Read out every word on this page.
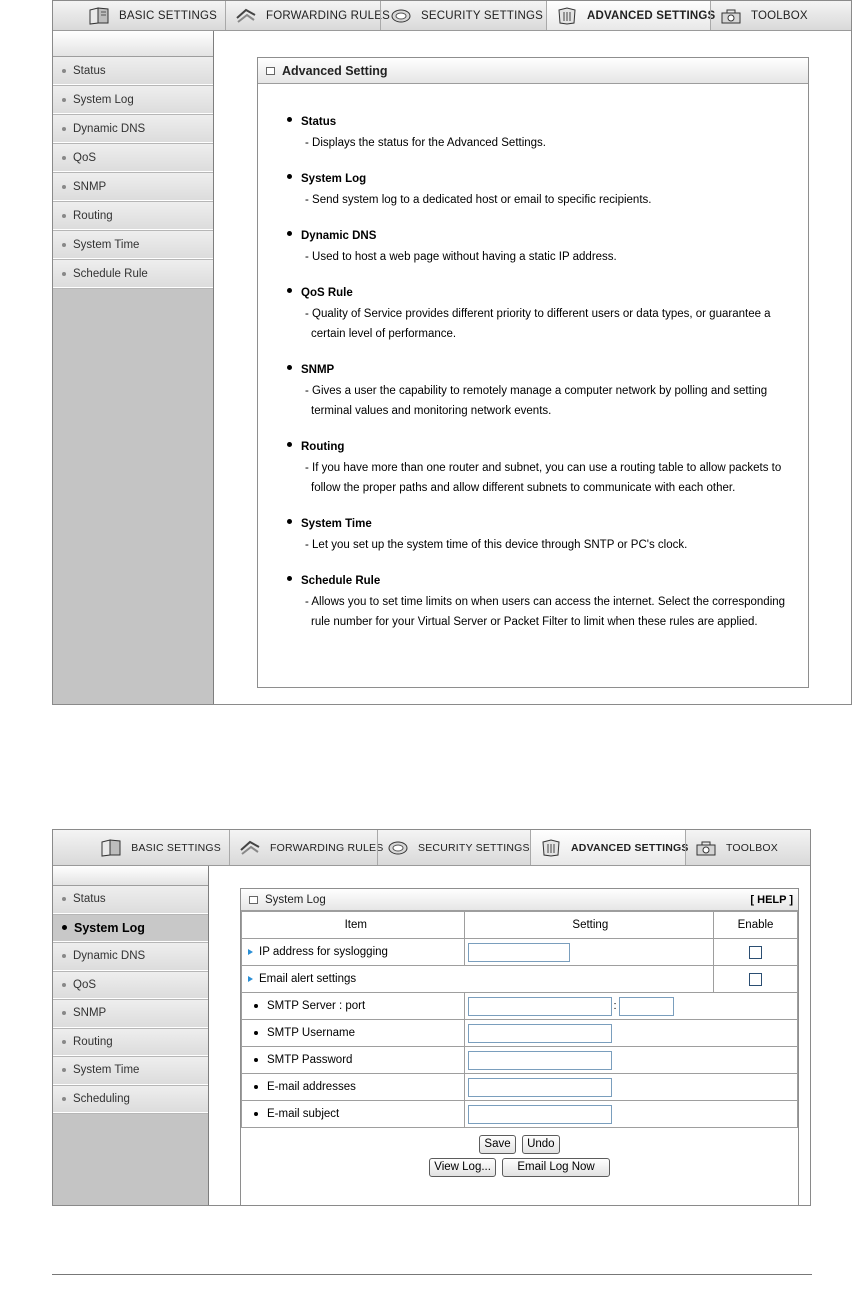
BASIC SETTINGS	FORWARDING RULES	SECURITY SETTINGS	ADVANCED SETTINGS	TOOLBOX
Status
System Log
Dynamic DNS
QoS
SNMP
Routing
System Time
Schedule Rule
Advanced Setting
Status
- Displays the status for the Advanced Settings.
System Log
- Send system log to a dedicated host or email to specific recipients.
Dynamic DNS
- Used to host a web page without having a static IP address.
QoS Rule
- Quality of Service provides different priority to different users or data types, or guarantee a certain level of performance.
SNMP
- Gives a user the capability to remotely manage a computer network by polling and setting terminal values and monitoring network events.
Routing
- If you have more than one router and subnet, you can use a routing table to allow packets to follow the proper paths and allow different subnets to communicate with each other.
System Time
- Let you set up the system time of this device through SNTP or PC's clock.
Schedule Rule
- Allows you to set time limits on when users can access the internet. Select the corresponding rule number for your Virtual Server or Packet Filter to limit when these rules are applied.
BASIC SETTINGS	FORWARDING RULES	SECURITY SETTINGS	ADVANCED SETTINGS	TOOLBOX
Status
System Log
Dynamic DNS
QoS
SNMP
Routing
System Time
Scheduling
System Log	[ HELP ]
Item	Setting	Enable
IP address for syslogging		
Email alert settings		
SMTP Server : port	:	
SMTP Username		
SMTP Password		
E-mail addresses		
E-mail subject		
Save Undo
View Log... Email Log Now
